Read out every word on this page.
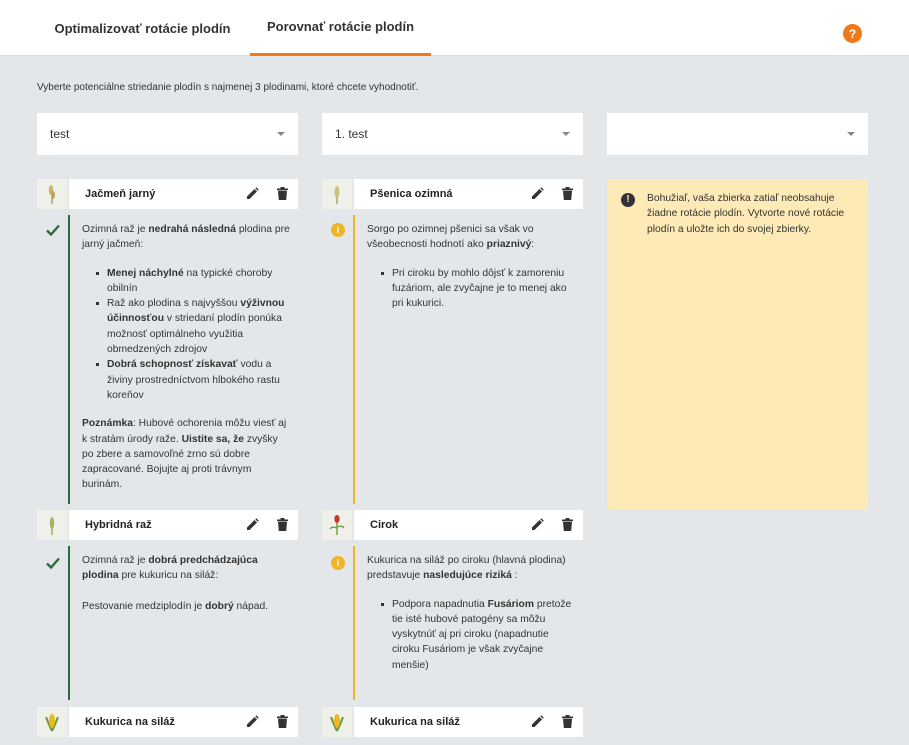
Optimalizovať rotácie plodín	Porovnať rotácie plodín	?
Vyberte potenciálne striedanie plodín s najmenej 3 plodinami, ktoré chcete vyhodnotiť.
test	1. test
Jačmeň jarný

Ozimná raž je nedrahá následná plodina pre jarný jačmeň:

Menej náchylné na typické choroby obilnín
Raž ako plodina s najvyššou výživnou účinnosťou v striedaní plodín ponúka možnosť optimálneho využitia obmedzených zdrojov
Dobrá schopnosť získavať vodu a živiny prostredníctvom hlbokého rastu koreňov

Poznámka: Hubové ochorenia môžu viesť aj k stratám úrody raže. Uistite sa, že zvyšky po zbere a samovoľné zrno sú dobre zapracované. Bojujte aj proti trávnym burinám.

Hybridná raž

Ozimná raž je dobrá predchádzajúca plodina pre kukuricu na siláž:

Pestovanie medziplodín je dobrý nápad.

Kukurica na siláž
Pšenica ozimná
i	Sorgo po ozimnej pšenici sa však vo všeobecnosti hodnotí ako priaznivý:

Pri ciroku by mohlo dôjsť k zamoreniu fuzáriom, ale zvyčajne je to menej ako pri kukurici.
Cirok
i	Kukurica na siláž po ciroku (hlavná plodina) predstavuje nasledujúce riziká :

Podpora napadnutia Fusáriom pretože tie isté hubové patogény sa môžu vyskytnúť aj pri ciroku (napadnutie ciroku Fusáriom je však zvyčajne menšie)
Kukurica na siláž
!	Bohužiaľ, vaša zbierka zatiaľ neobsahuje žiadne rotácie plodín. Vytvorte nové rotácie plodín a uložte ich do svojej zbierky.
